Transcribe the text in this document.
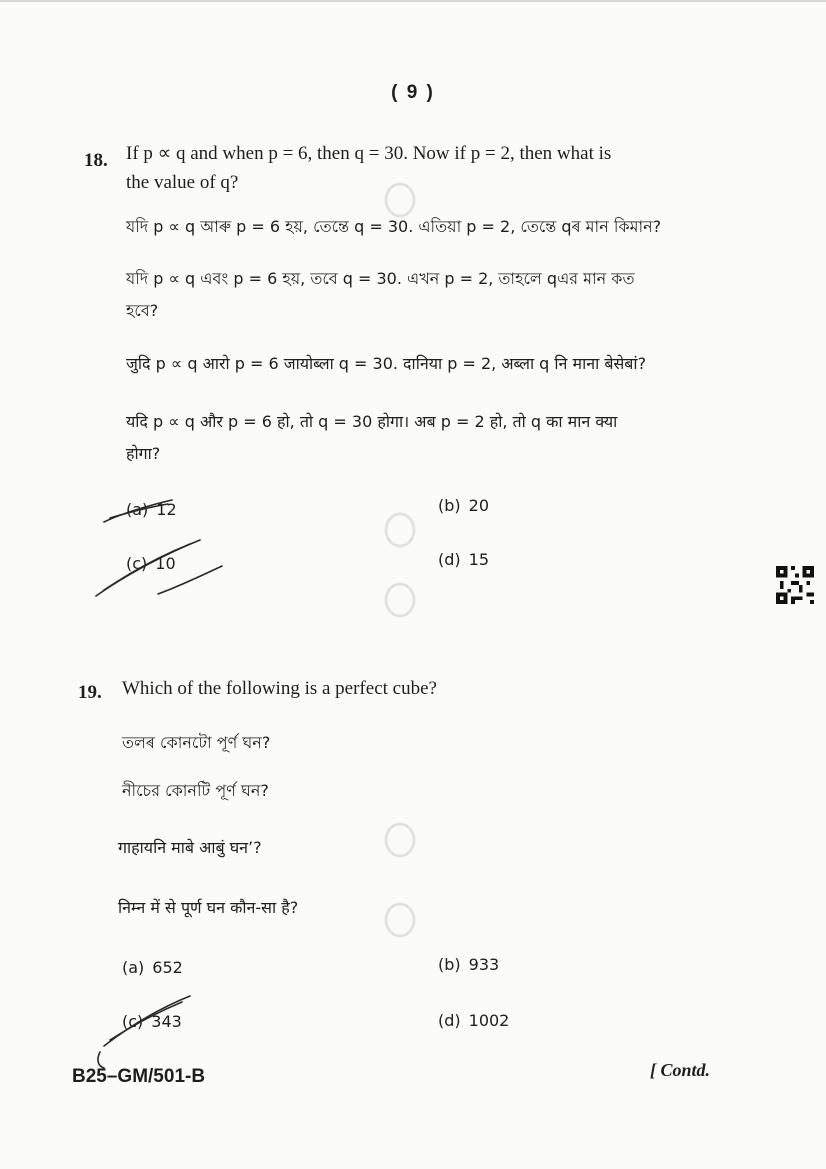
( 9 )
18. If p ∝ q and when p = 6, then q = 30. Now if p = 2, then what is
the value of q?
যদি p ∝ q আৰু p = 6 হয়, তেন্তে q = 30. এতিয়া p = 2, তেন্তে qৰ মান কিমান?
যদি p ∝ q এবং p = 6 হয়, তবে q = 30. এখন p = 2, তাহলে qএর মান কত
হবে?
जुदि p ∝ q आरो p = 6 जायोब्ला q = 30. दानिया p = 2, अब्ला q नि माना बेसेबां?
यदि p ∝ q और p = 6 हो, तो q = 30 होगा। अब p = 2 हो, तो q का मान क्या
होगा?
(a) 12	(b) 20
(c) 10	(d) 15
19. Which of the following is a perfect cube?
তলৰ কোনটো পূর্ণ ঘন?
নীচের কোনটি পূর্ণ ঘন?
गाहायनि माबे आबुं घन’?
निम्न में से पूर्ण घन कौन-सा है?
(a) 652	(b) 933
(c) 343	(d) 1002
B25–GM/501-B	[ Contd.
